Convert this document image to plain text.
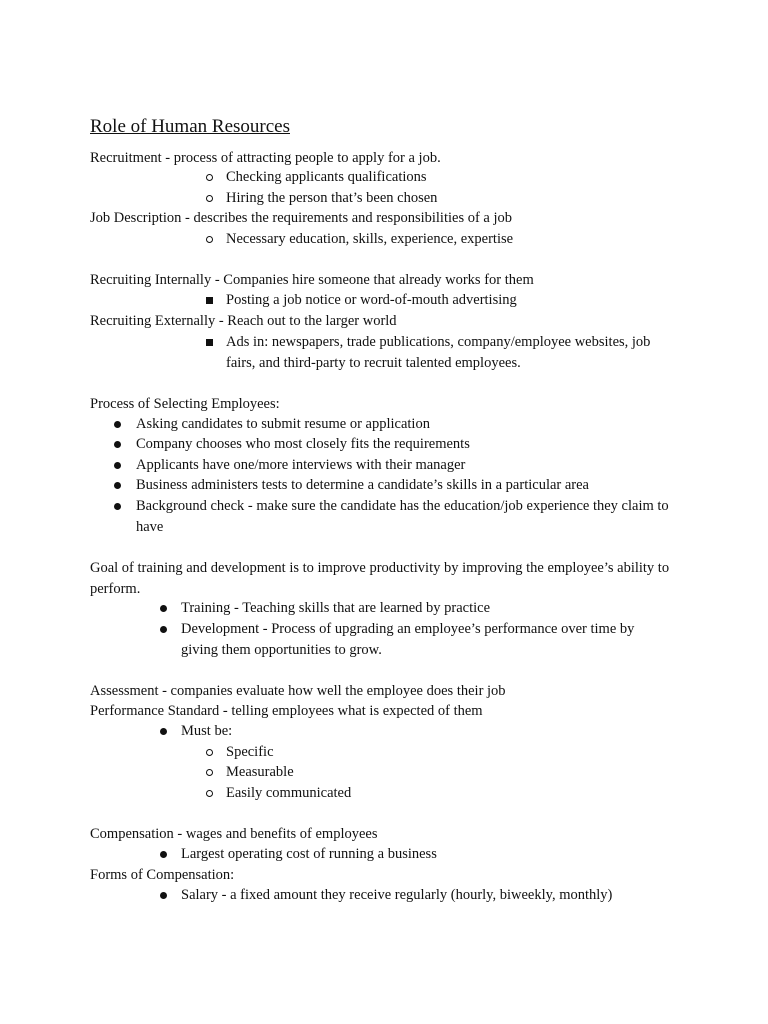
Role of Human Resources
Recruitment - process of attracting people to apply for a job.
Checking applicants qualifications
Hiring the person that’s been chosen
Job Description - describes the requirements and responsibilities of a job
Necessary education, skills, experience, expertise
Recruiting Internally - Companies hire someone that already works for them
Posting a job notice or word-of-mouth advertising
Recruiting Externally - Reach out to the larger world
Ads in: newspapers, trade publications, company/employee websites, job fairs, and third-party to recruit talented employees.
Process of Selecting Employees:
Asking candidates to submit resume or application
Company chooses who most closely fits the requirements
Applicants have one/more interviews with their manager
Business administers tests to determine a candidate’s skills in a particular area
Background check - make sure the candidate has the education/job experience they claim to have
Goal of training and development is to improve productivity by improving the employee’s ability to perform.
Training - Teaching skills that are learned by practice
Development - Process of upgrading an employee’s performance over time by giving them opportunities to grow.
Assessment - companies evaluate how well the employee does their job
Performance Standard - telling employees what is expected of them
Must be:
Specific
Measurable
Easily communicated
Compensation - wages and benefits of employees
Largest operating cost of running a business
Forms of Compensation:
Salary - a fixed amount they receive regularly (hourly, biweekly, monthly)
